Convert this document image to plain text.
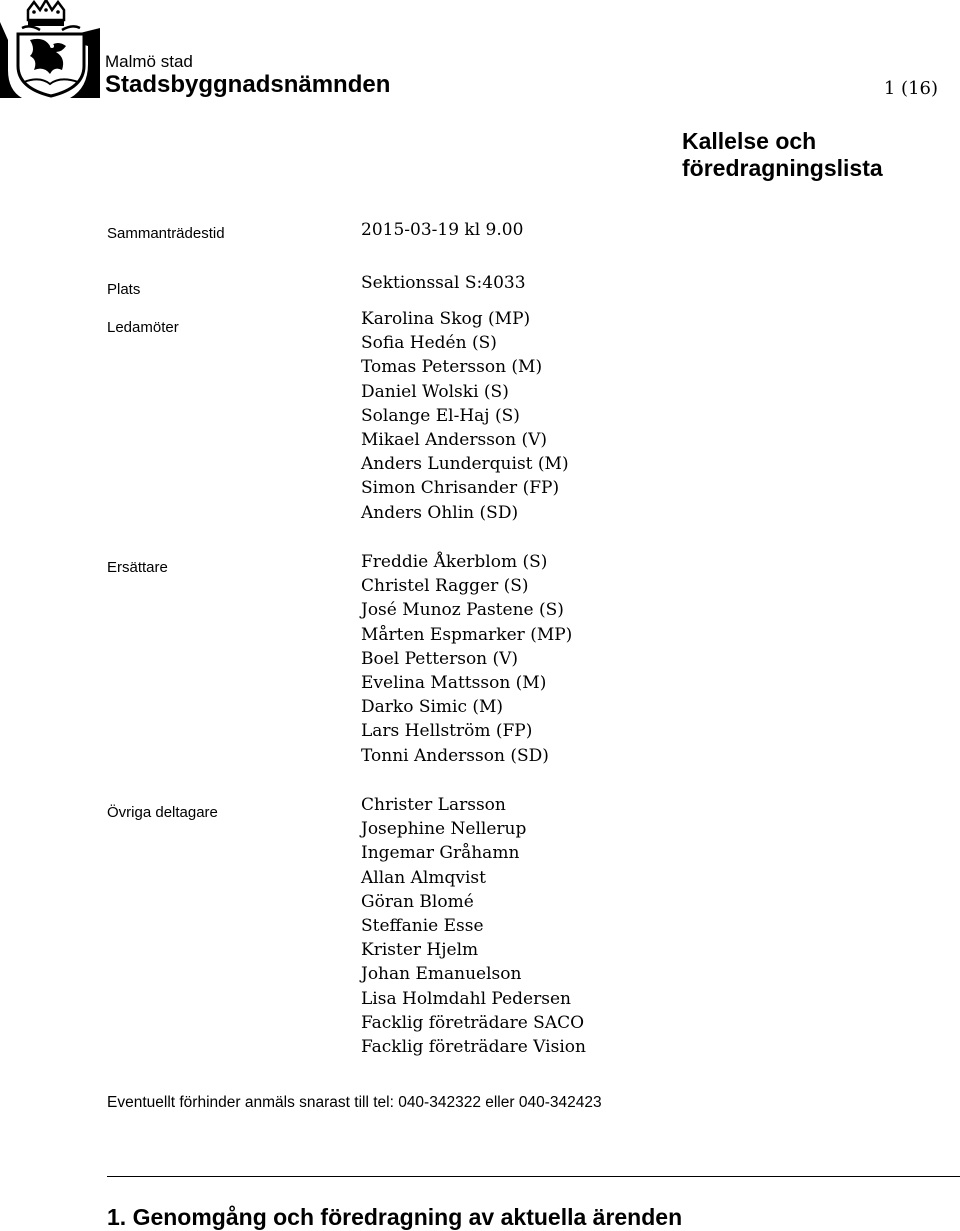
Malmö stad
Stadsbyggnadsnämnden	1 (16)
Kallelse och
föredragningslista
Sammanträdestid	2015-03-19 kl 9.00
Plats	Sektionssal S:4033
Ledamöter	Karolina Skog (MP)
Sofia Hedén (S)
Tomas Petersson (M)
Daniel Wolski (S)
Solange El-Haj (S)
Mikael Andersson (V)
Anders Lunderquist (M)
Simon Chrisander (FP)
Anders Ohlin (SD)
Ersättare	Freddie Åkerblom (S)
Christel Ragger (S)
José Munoz Pastene (S)
Mårten Espmarker (MP)
Boel Petterson (V)
Evelina Mattsson (M)
Darko Simic (M)
Lars Hellström (FP)
Tonni Andersson (SD)
Övriga deltagare	Christer Larsson
Josephine Nellerup
Ingemar Gråhamn
Allan Almqvist
Göran Blomé
Steffanie Esse
Krister Hjelm
Johan Emanuelson
Lisa Holmdahl Pedersen
Facklig företrädare SACO
Facklig företrädare Vision
Eventuellt förhinder anmäls snarast till tel: 040-342322 eller 040-342423
1. Genomgång och föredragning av aktuella ärenden
